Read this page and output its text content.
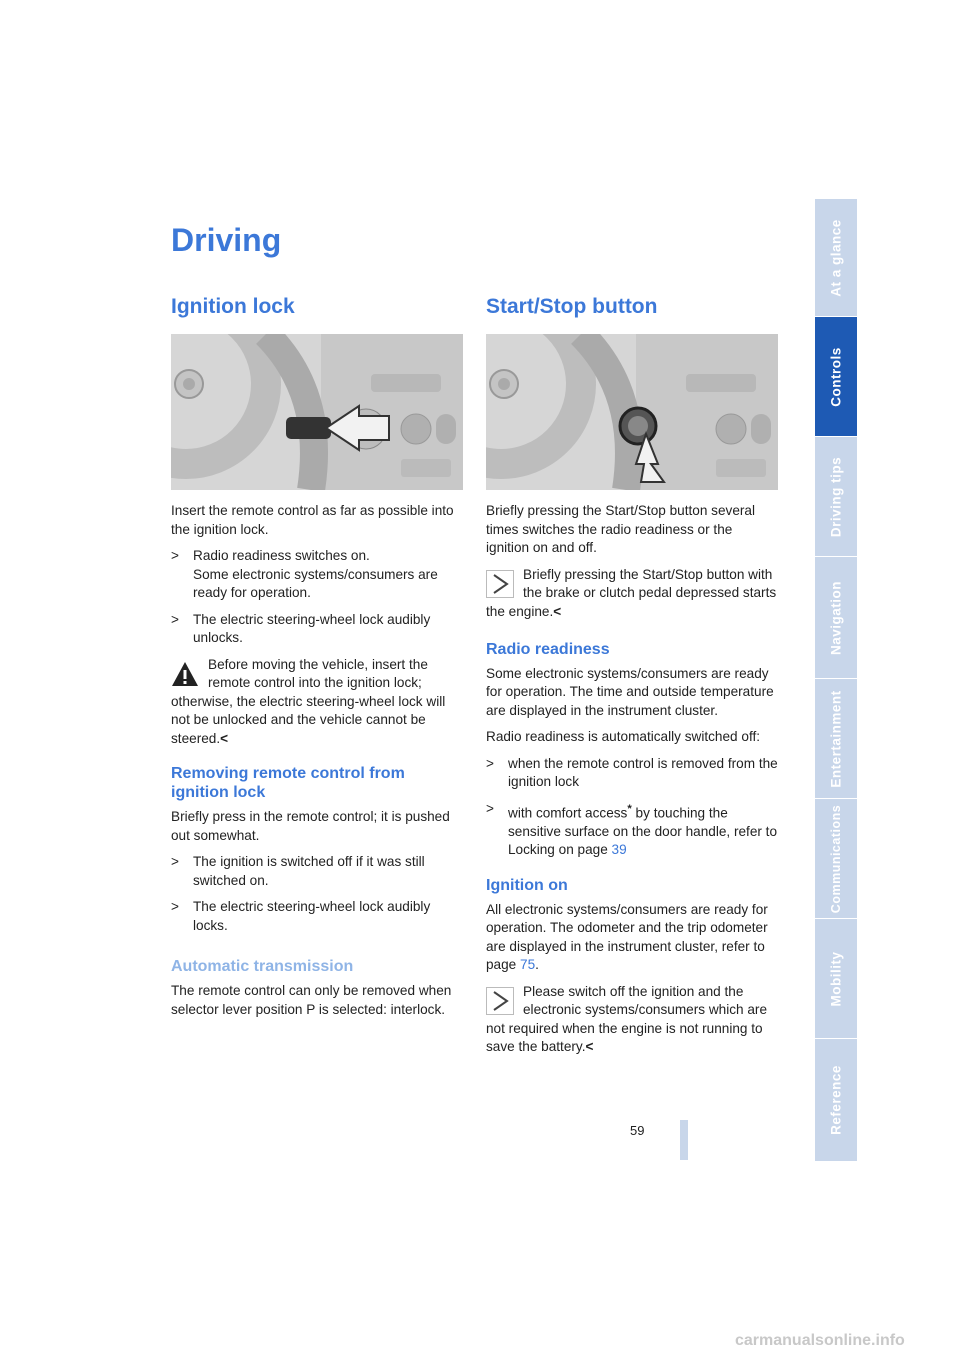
Driving
Ignition lock	Start/Stop button

Insert the remote control as far as possible into the ignition lock.

>	Radio readiness switches on.
Some electronic systems/consumers are ready for operation.
>	The electric steering-wheel lock audibly unlocks.
Before moving the vehicle, insert the remote control into the ignition lock; otherwise, the electric steering-wheel lock will not be unlocked and the vehicle cannot be steered.<
Removing remote control from ignition lock

Briefly press in the remote control; it is pushed out somewhat.

>	The ignition is switched off if it was still switched on.
>	The electric steering-wheel lock audibly locks.
Automatic transmission

The remote control can only be removed when selector lever position P is selected: interlock.

Briefly pressing the Start/Stop button several times switches the radio readiness or the ignition on and off.

Briefly pressing the Start/Stop button with the brake or clutch pedal depressed starts the engine.<
Radio readiness

Some electronic systems/consumers are ready for operation. The time and outside temperature are displayed in the instrument cluster.

Radio readiness is automatically switched off:

>	when the remote control is removed from the ignition lock
>	with comfort access* by touching the sensitive surface on the door handle, refer to Locking on page 39
Ignition on

All electronic systems/consumers are ready for operation. The odometer and the trip odometer are displayed in the instrument cluster, refer to page 75.

Please switch off the ignition and the electronic systems/consumers which are not required when the engine is not running to save the battery.<
At a glance
Controls
Driving tips
Navigation
Entertainment
Communications
Mobility
Reference
59
carmanualsonline.info
